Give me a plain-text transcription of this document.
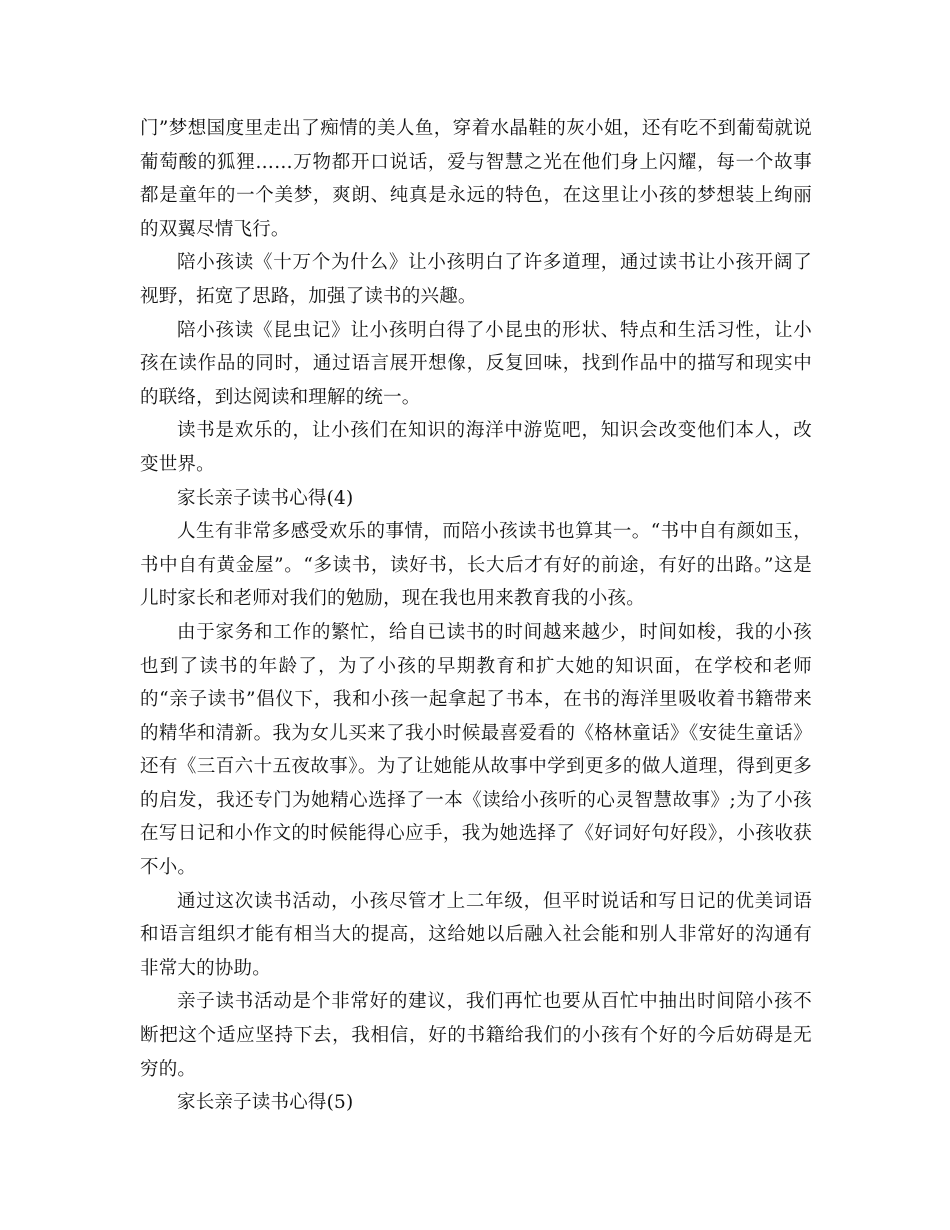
门”梦想国度里走出了痴情的美人鱼，穿着水晶鞋的灰小姐，还有吃不到葡萄就说葡萄酸的狐狸……万物都开口说话，爱与智慧之光在他们身上闪耀，每一个故事都是童年的一个美梦，爽朗、纯真是永远的特色，在这里让小孩的梦想装上绚丽的双翼尽情飞行。

陪小孩读《十万个为什么》让小孩明白了许多道理，通过读书让小孩开阔了视野，拓宽了思路，加强了读书的兴趣。

陪小孩读《昆虫记》让小孩明白得了小昆虫的形状、特点和生活习性，让小孩在读作品的同时，通过语言展开想像，反复回味，找到作品中的描写和现实中的联络，到达阅读和理解的统一。

读书是欢乐的，让小孩们在知识的海洋中游览吧，知识会改变他们本人，改变世界。

家长亲子读书心得(4)

人生有非常多感受欢乐的事情，而陪小孩读书也算其一。“书中自有颜如玉，书中自有黄金屋”。“多读书，读好书，长大后才有好的前途，有好的出路。”这是儿时家长和老师对我们的勉励，现在我也用来教育我的小孩。

由于家务和工作的繁忙，给自已读书的时间越来越少，时间如梭，我的小孩也到了读书的年龄了，为了小孩的早期教育和扩大她的知识面，在学校和老师的“亲子读书”倡仪下，我和小孩一起拿起了书本，在书的海洋里吸收着书籍带来的精华和清新。我为女儿买来了我小时候最喜爱看的《格林童话》《安徒生童话》还有《三百六十五夜故事》。为了让她能从故事中学到更多的做人道理，得到更多的启发，我还专门为她精心选择了一本《读给小孩听的心灵智慧故事》;为了小孩在写日记和小作文的时候能得心应手，我为她选择了《好词好句好段》，小孩收获不小。

通过这次读书活动，小孩尽管才上二年级，但平时说话和写日记的优美词语和语言组织才能有相当大的提高，这给她以后融入社会能和别人非常好的沟通有非常大的协助。

亲子读书活动是个非常好的建议，我们再忙也要从百忙中抽出时间陪小孩不断把这个适应坚持下去，我相信，好的书籍给我们的小孩有个好的今后妨碍是无穷的。

家长亲子读书心得(5)
